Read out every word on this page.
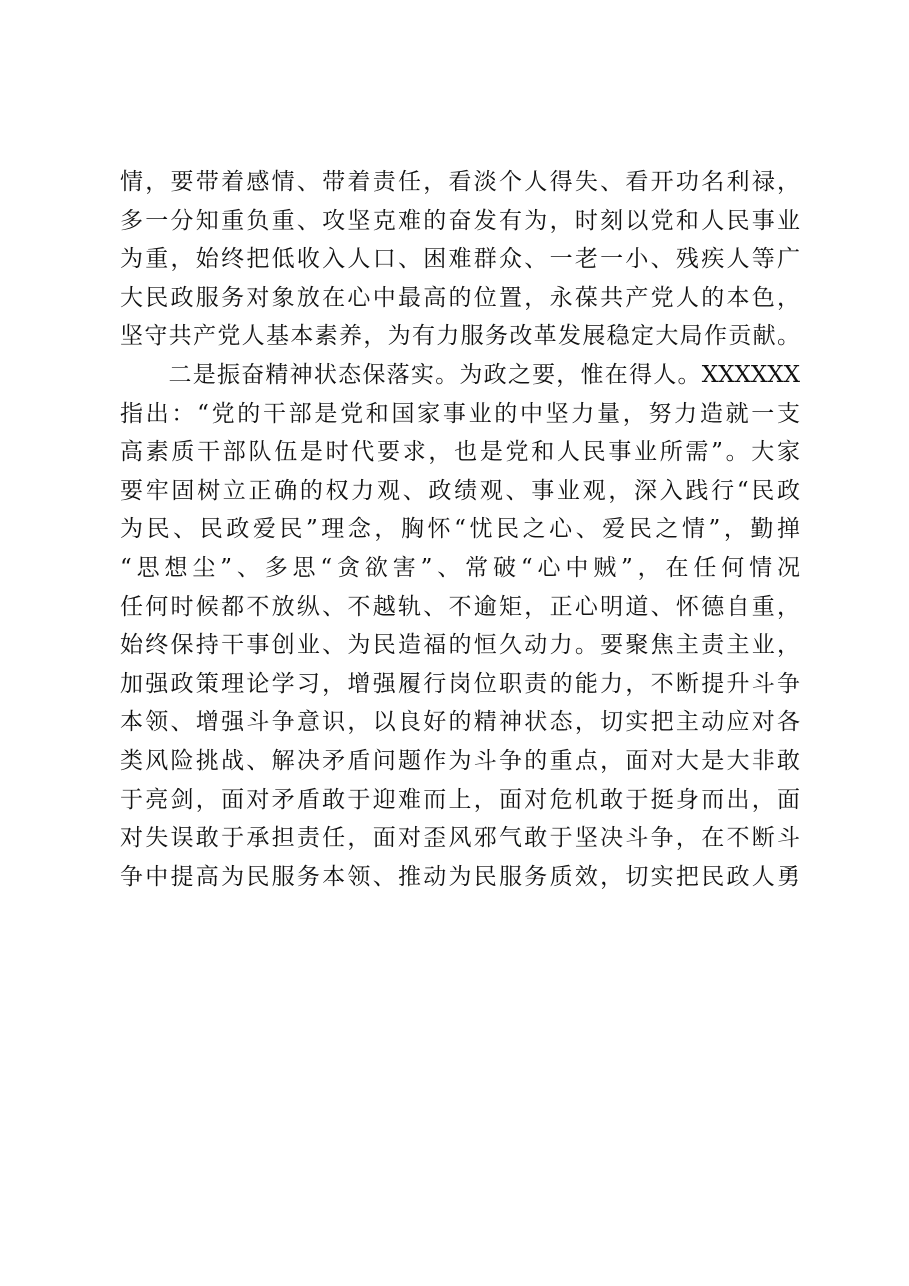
情，要带着感情、带着责任，看淡个人得失、看开功名利禄，
多一分知重负重、攻坚克难的奋发有为，时刻以党和人民事业
为重，始终把低收入人口、困难群众、一老一小、残疾人等广
大民政服务对象放在心中最高的位置，永葆共产党人的本色，
坚守共产党人基本素养，为有力服务改革发展稳定大局作贡献。
　　二是振奋精神状态保落实。为政之要，惟在得人。XXXXXX
指出：“党的干部是党和国家事业的中坚力量，努力造就一支
高素质干部队伍是时代要求，也是党和人民事业所需”。大家
要牢固树立正确的权力观、政绩观、事业观，深入践行“民政
为民、民政爱民”理念，胸怀“忧民之心、爱民之情”，勤掸
“思想尘”、多思“贪欲害”、常破“心中贼”，在任何情况
任何时候都不放纵、不越轨、不逾矩，正心明道、怀德自重，
始终保持干事创业、为民造福的恒久动力。要聚焦主责主业，
加强政策理论学习，增强履行岗位职责的能力，不断提升斗争
本领、增强斗争意识，以良好的精神状态，切实把主动应对各
类风险挑战、解决矛盾问题作为斗争的重点，面对大是大非敢
于亮剑，面对矛盾敢于迎难而上，面对危机敢于挺身而出，面
对失误敢于承担责任，面对歪风邪气敢于坚决斗争，在不断斗
争中提高为民服务本领、推动为民服务质效，切实把民政人勇
